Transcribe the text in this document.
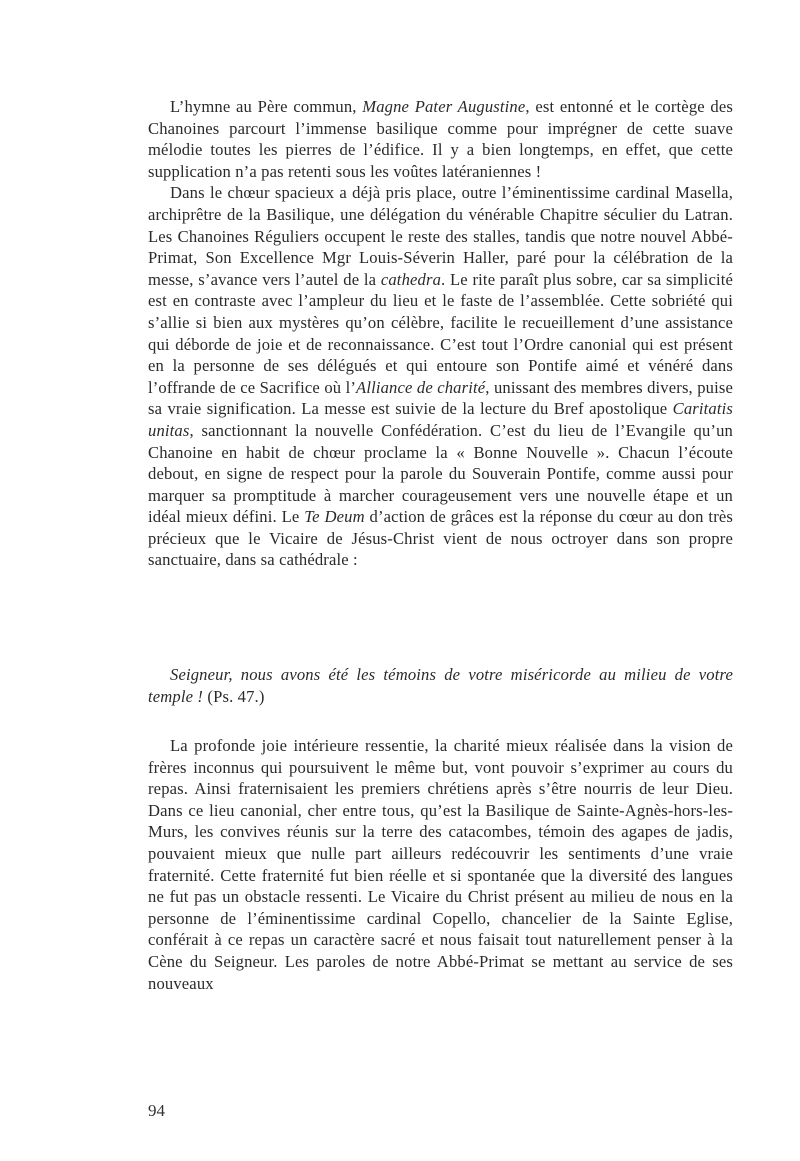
L’hymne au Père commun, Magne Pater Augustine, est entonné et le cortège des Chanoines parcourt l’immense basilique comme pour imprégner de cette suave mélodie toutes les pierres de l’édifice. Il y a bien longtemps, en effet, que cette supplication n’a pas retenti sous les voûtes latéraniennes !

Dans le chœur spacieux a déjà pris place, outre l’éminentissime cardinal Masella, archiprêtre de la Basilique, une délégation du vénérable Chapitre séculier du Latran. Les Chanoines Réguliers occupent le reste des stalles, tandis que notre nouvel Abbé-Primat, Son Excellence Mgr Louis-Séverin Haller, paré pour la célébration de la messe, s’avance vers l’autel de la cathedra. Le rite paraît plus sobre, car sa simplicité est en contraste avec l’ampleur du lieu et le faste de l’assemblée. Cette sobriété qui s’allie si bien aux mystères qu’on célèbre, facilite le recueillement d’une assistance qui déborde de joie et de reconnaissance. C’est tout l’Ordre canonial qui est présent en la personne de ses délégués et qui entoure son Pontife aimé et vénéré dans l’offrande de ce Sacrifice où l’Alliance de charité, unissant des membres divers, puise sa vraie signification. La messe est suivie de la lecture du Bref apostolique Caritatis unitas, sanctionnant la nouvelle Confédération. C’est du lieu de l’Evangile qu’un Chanoine en habit de chœur proclame la « Bonne Nouvelle ». Chacun l’écoute debout, en signe de respect pour la parole du Souverain Pontife, comme aussi pour marquer sa promptitude à marcher courageusement vers une nouvelle étape et un idéal mieux défini. Le Te Deum d’action de grâces est la réponse du cœur au don très précieux que le Vicaire de Jésus-Christ vient de nous octroyer dans son propre sanctuaire, dans sa cathédrale :

Seigneur, nous avons été les témoins de votre miséricorde au milieu de votre temple ! (Ps. 47.)

La profonde joie intérieure ressentie, la charité mieux réalisée dans la vision de frères inconnus qui poursuivent le même but, vont pouvoir s’exprimer au cours du repas. Ainsi fraternisaient les premiers chrétiens après s’être nourris de leur Dieu. Dans ce lieu canonial, cher entre tous, qu’est la Basilique de Sainte-Agnès-hors-les-Murs, les convives réunis sur la terre des catacombes, témoin des agapes de jadis, pouvaient mieux que nulle part ailleurs redécouvrir les sentiments d’une vraie fraternité. Cette fraternité fut bien réelle et si spontanée que la diversité des langues ne fut pas un obstacle ressenti. Le Vicaire du Christ présent au milieu de nous en la personne de l’éminentissime cardinal Copello, chancelier de la Sainte Eglise, conférait à ce repas un caractère sacré et nous faisait tout naturellement penser à la Cène du Seigneur. Les paroles de notre Abbé-Primat se mettant au service de ses nouveaux

94
